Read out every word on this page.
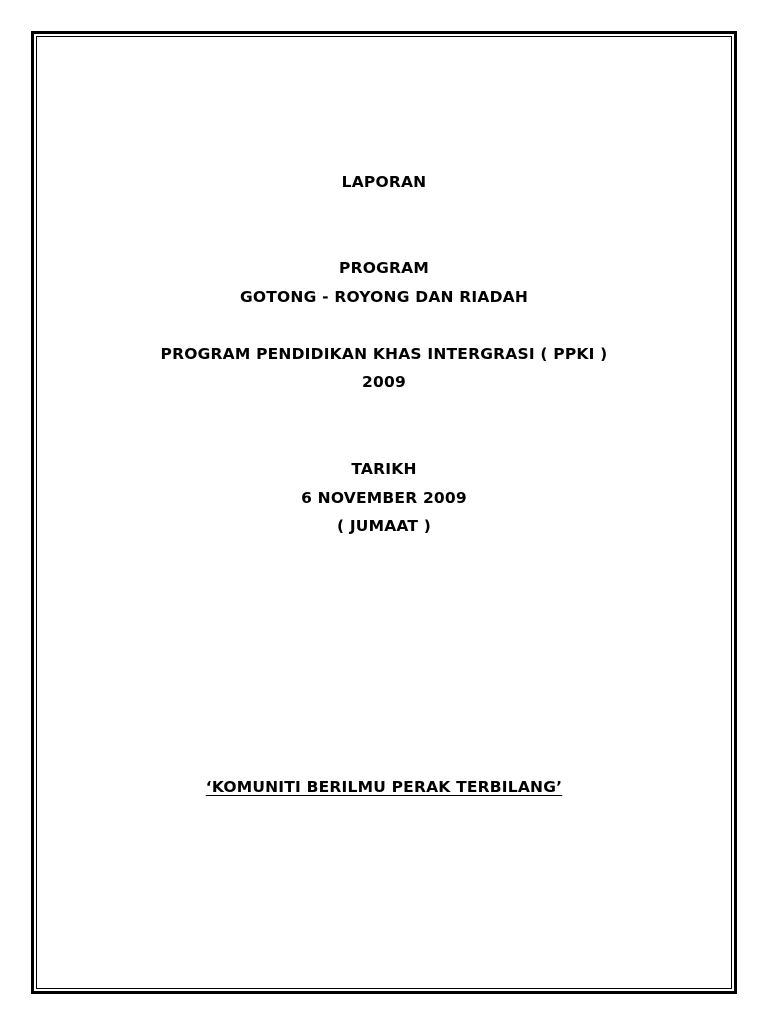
LAPORAN
PROGRAM
GOTONG - ROYONG DAN RIADAH
PROGRAM PENDIDIKAN KHAS INTERGRASI ( PPKI )
2009
TARIKH
6 NOVEMBER 2009
( JUMAAT )
‘KOMUNITI BERILMU PERAK TERBILANG’
